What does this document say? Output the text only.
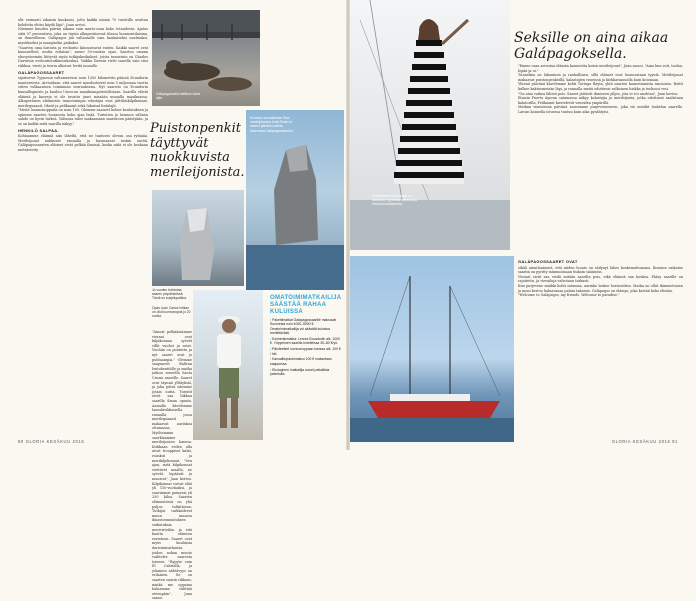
olit varmasti aikaisin kuukausi, jotta kaikki näimä 70 turistille avattua kohdetta ehtisi käydä läpi", Juan arvioi.
Näemme kuuden päivän aikana vain murto-osan koko totuudesta. Ajatus siitä 97 prosentista, joka on täysin alkuperäisessä tilassa luonnontilaisina, on ihmeellinen. Galápagos jää valtaosalle vain kaukaiseksi unelmaksi, mystikseksi ja maagiseksi paikaksi.
"Saarten oma historia ja evoluutio kiinnostavat eniten. Kaikki saaret ovat kuunnelleet, mutta erilaisia", saneo 50-vuotias opas. Saarten omaan ekosysteemiin liittyvät myös tutkijakeskukset, joista tunnetuin on Charles Darwinin evoluutiotutkimuskeskus. Vaikka Darwin vietti saarilla vain viisi viikkoa, viesti ja teoria alkoivat levitä muualle.

GALÁPAGOSSAARET

sijaitsevat Tyynessä valtameressä noin 1000 kilometrin päässä Ecuadorin mantereesta. Arvioidaan, että saaret muodostuivat noin 5 miljoonaa vuotta sitten vulkaanisen toiminnan seurauksena. Nyt saaristo on Ecuadorin kansallispuisto ja kuuluu Unescon maailmanperintölistaan. Saarilla eläviä eläimiä ja kasveja ei ole tavattu juuri missään muualla maailmassa. Alkuperäisen eläimistön tunnetuimpia edustajia ovat jättiläiskilpikonnat, merileguaanit, tiheät ja pelikaanit sekä lukuisat lintulajit.
"Meitä luonnonoppaita on noin 100. Olemme saaneet kolme koulutuksen ja opimme saarten luonnosta koko ajan lisää. Turistien ja luonnon välinen suhde on hyvin tärkeä. Valtaosa tulee maksamaan saaristoon päästyään, ja se on kaikki mitä saarilla näkyy."

HENKILÖ SALPAA.

Kohtaamme eläimiä niin läheltä, että ne tuntuvat olevan osa ryhmää. Merileijonat nukkuvat rannalla ja huomaavat tuskin meitä. Galápagossaarten eläimet eivät pelkää ihmisiä, koska niitä ei ole koskaan metsästetty.

Galápagoksella hallitsee kaksi lajia.
Puistonpenkit täyttyvät nuokkuvista merileijonista.
Kuuluisa suomalainen Saoi merikilpikonna Kalle Rusk on saanut pitkää kuolleita luonnossa Galápagossaarten.
Jo vuoden toimintaa saaren ympäristössä. Tämä on suojelupaikka.
Opas Juan Carlos Intikan on ollut luonnonopas jo 20 vuotta.

"Ainoat pelkäämämme vieraat ovat kilpikonnaa syövät villit vuohet ja rotat. Vuohiin on puututtu ja nyt saaret ovat jo puhtaampia." Olemme saapuneet Baltran lentokenttälle ja matka jatkuu veneellä Santa Cruzin saarelle. Saaret ovat täynnä yllätyksiä, ja joka päivä näemme jotain uutta. Turistit eivät saa liikkua saarilla ilman opasta. Aamulla kävelemme laavakivikkoisella rannalla, jossa merileguaanit makaavat aurinkoa ottamassa. Myöhemmin snorklaamme merileijonien kanssa. Kirkkaan veden alla uivat trooppiset kalat, rauskut ja merikilpikonnat. "Sen ajan, mitä kilpikonnat viettävät maalla, ne syövät, lepäävät ja munivat", Juan kertoo. Kilpikonnat voivat elää yli 150-vuotiaiksi, ja suurimmat painavat yli 250 kiloa. Saarten eläimistössä on yhä paljon tutkittavaa. Tutkijat tarkkailevat muun muassa ilmastonmuutoksen vaikutuksia merivirtoihin ja sitä kautta eläinten ravintoon. Saaret ovat myös kuuluisia darwininsirkuista, joiden nokan muoto vaihtelee saaresta toiseen. "Rypyte vain El Cabrialla, ja jokainen nähtävyys on erilainen. Se on saarten suurin rikkaus, minkä me oppaina haluamme välittää eteenpäin", Juan sanoo.

OMATOIMIMATKAILIJA SÄÄSTÄÄ RAHAA KULUISSA
▪ Pakettimatkat Galápagossaarille maksavat Suomesta noin 4000–5000 €. Omatoimimatkailija voi säästää kuluissa merkittävästi.
▪ Esimerkkimatka: Lennot Ecuadoriin alk. 1000 €. Yöpyminen saarilla hotelleissa 30–80 €/yö.
▪ Päiväretket luonnonoppaan kanssa alk. 100 € / hlö.
▪ Kansallispuistomaksu 100 € maksetaan saapuessa.
▪ Ekologinen matkailija suosii paikallisia palveluita.
90 GLORIA KESÄKUU 2015
Purjeveneen Encantada on seilannut Tyynessä meressä ja vierasta kaukaisesta.
Seksille on aina aikaa Galápagoksella.

"Emme osaa arvostaa elämän kauneutta kuten merileijonat", Juan sanoo. "Aina kun voit, tuolaa, lepää ja ui."
Tunnelma on lakoninen ja rauhallinen, sillä eläimet ovat luonnostaan tyyniä. Merileijonat makaavat puistonpenkeillä, kalastajien veneissä ja hiekkarannoilla kuin kotonaan.
Yhtenä päivänä kävelemme kohti Tortuga Bayta, yhtä saarten kauneimmista rannoista. Reitti kulkee kaktusmetsän läpi, ja rannalla meitä odottavat valkoinen hiekka ja turkoosi vesi.
"On aina vaikea lähteä pois. Saaret jättävät ihmiseen jäljen, jota ei voi unohtaa", Juan kertoo.
Iltaisin Puerto Ayoran satamassa näkyy kalastajia ja merileijonia, jotka odottavat saalistaan kalatorilla. Pelikaanit kiertelevät veneiden ympärillä.
Matkan viimeisenä päivänä nousemme purjeveneeseen, joka vie meidät Isabelan saarelle. Laivan kannella istuessa tuntuu kuin aika pysähtyisi.

GALÁPAGOSSAARET OVAT

sikäli ainutlaatuiset, että niiden luonto on säilynyt lähes koskemattomana. Ihmisen vaikutus saariin on pyritty minimoimaan tiukoin säännöin.
Vieraat eivät saa viedä mitään saarilta pois, eikä eläimiä saa koskea. Pääsy saarille on rajoitettu, ja vierailuja valvotaan tarkasti.
Kun purjevene mäikki kohti satamaa, aurinko laskee horisonttiin. Matka on ollut ikimuistoinen ja moni kertoo haluavansa palata takaisin. Galápagos on elämys, joka kestää koko eliniän.
"Welcome to Galápagos, my friends. Welcome to paradise."

GLORIA KESÄKUU 2015 91
